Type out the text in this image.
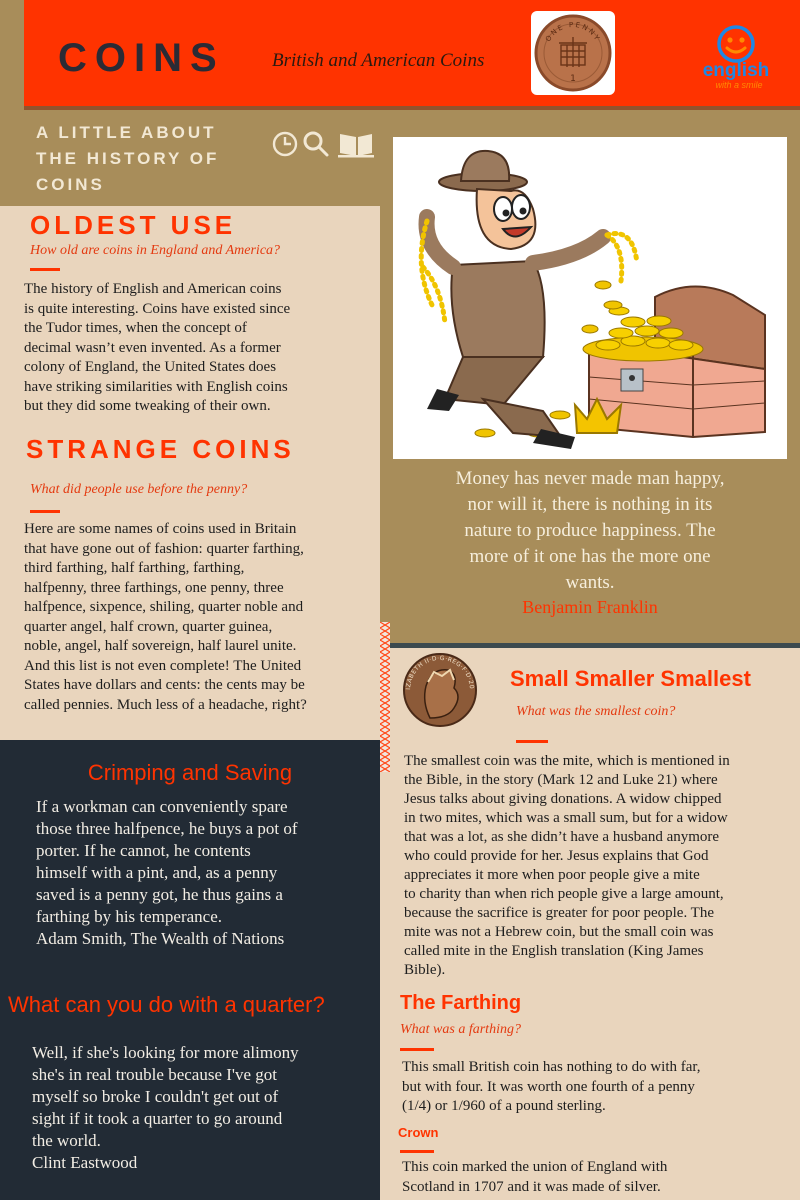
COINS British and American Coins
ONE PENNY
1	english
with a smile
A LITTLE ABOUT
THE HISTORY OF
COINS
OLDEST USE
How old are coins in England and America?
The history of English and American coins
is quite interesting. Coins have existed since
the Tudor times, when the concept of
decimal wasn’t even invented. As a former
colony of England, the United States does
have striking similarities with English coins
but they did some tweaking of their own.
STRANGE COINS
What did people use before the penny?
Here are some names of coins used in Britain
that have gone out of fashion: quarter farthing,
third farthing, half farthing, farthing,
halfpenny, three farthings, one penny, three
halfpence, sixpence, shiling, quarter noble and
quarter angel, half crown, quarter guinea,
noble, angel, half sovereign, half laurel unite.
And this list is not even complete! The United
States have dollars and cents: the cents may be
called pennies. Much less of a headache, right?
Money has never made man happy,
nor will it, there is nothing in its
nature to produce happiness. The
more of it one has the more one
wants.
Benjamin Franklin
IZABETH II·D·G·REG·F·D·20 Small Smaller Smallest
What was the smallest coin?
The smallest coin was the mite, which is mentioned in
the Bible, in the story (Mark 12 and Luke 21) where
Jesus talks about giving donations. A widow chipped
in two mites, which was a small sum, but for a widow
that was a lot, as she didn’t have a husband anymore
who could provide for her. Jesus explains that God
appreciates it more when poor people give a mite
to charity than when rich people give a large amount,
because the sacrifice is greater for poor people. The
mite was not a Hebrew coin, but the small coin was
called mite in the English translation (King James
Bible).
The Farthing
What was a farthing?
This small British coin has nothing to do with far,
but with four. It was worth one fourth of a penny
(1/4) or 1/960 of a pound sterling.
Crown
This coin marked the union of England with
Scotland in 1707 and it was made of silver.
Crimping and Saving
If a workman can conveniently spare
those three halfpence, he buys a pot of
porter. If he cannot, he contents
himself with a pint, and, as a penny
saved is a penny got, he thus gains a
farthing by his temperance.
Adam Smith, The Wealth of Nations
What can you do with a quarter?
Well, if she's looking for more alimony
she's in real trouble because I've got
myself so broke I couldn't get out of
sight if it took a quarter to go around
the world.
Clint Eastwood
